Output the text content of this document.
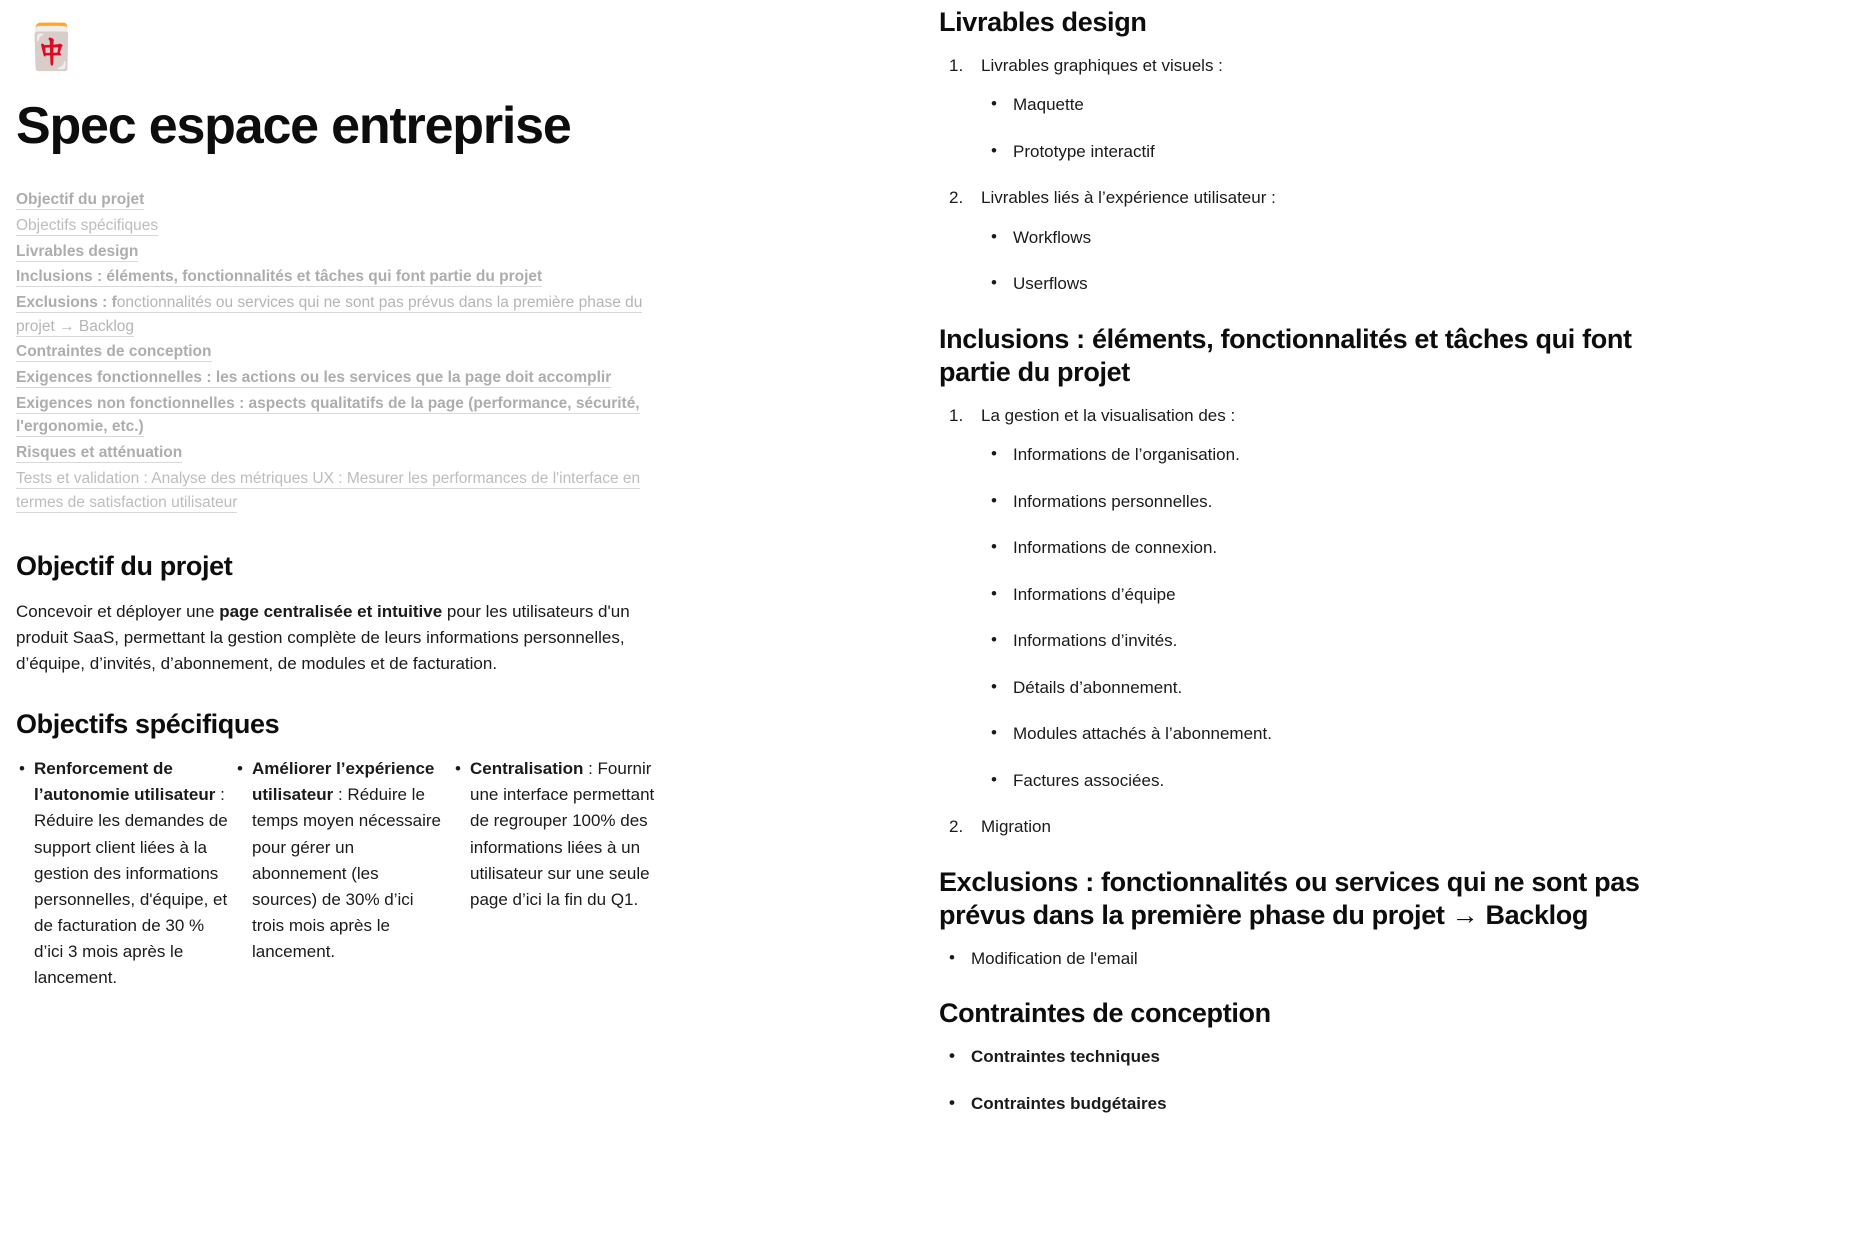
🀄
Spec espace entreprise
Objectif du projet
Objectifs spécifiques
Livrables design
Inclusions : éléments, fonctionnalités et tâches qui font partie du projet
Exclusions : fonctionnalités ou services qui ne sont pas prévus dans la première phase du projet → Backlog
Contraintes de conception
Exigences fonctionnelles : les actions ou les services que la page doit accomplir
Exigences non fonctionnelles : aspects qualitatifs de la page (performance, sécurité, l'ergonomie, etc.)
Risques et atténuation
Tests et validation : Analyse des métriques UX : Mesurer les performances de l'interface en termes de satisfaction utilisateur
Objectif du projet

Concevoir et déployer une page centralisée et intuitive pour les utilisateurs d'un produit SaaS, permettant la gestion complète de leurs informations personnelles, d’équipe, d’invités, d’abonnement, de modules et de facturation.

Objectifs spécifiques
• Renforcement de l’autonomie utilisateur : Réduire les demandes de support client liées à la gestion des informations personnelles, d'équipe, et de facturation de 30 % d’ici 3 mois après le lancement.
• Améliorer l’expérience utilisateur : Réduire le temps moyen nécessaire pour gérer un abonnement (les sources) de 30% d’ici trois mois après le lancement.
• Centralisation : Fournir une interface permettant de regrouper 100% des informations liées à un utilisateur sur une seule page d’ici la fin du Q1.
Livrables design
1. Livrables graphiques et visuels :
• Maquette
• Prototype interactif
2. Livrables liés à l’expérience utilisateur :
• Workflows
• Userflows
Inclusions : éléments, fonctionnalités et tâches qui font partie du projet
1. La gestion et la visualisation des :
• Informations de l’organisation.
• Informations personnelles.
• Informations de connexion.
• Informations d’équipe
• Informations d’invités.
• Détails d’abonnement.
• Modules attachés à l’abonnement.
• Factures associées.
2. Migration
Exclusions : fonctionnalités ou services qui ne sont pas prévus dans la première phase du projet → Backlog
• Modification de l'email
Contraintes de conception
• Contraintes techniques
• Contraintes budgétaires
